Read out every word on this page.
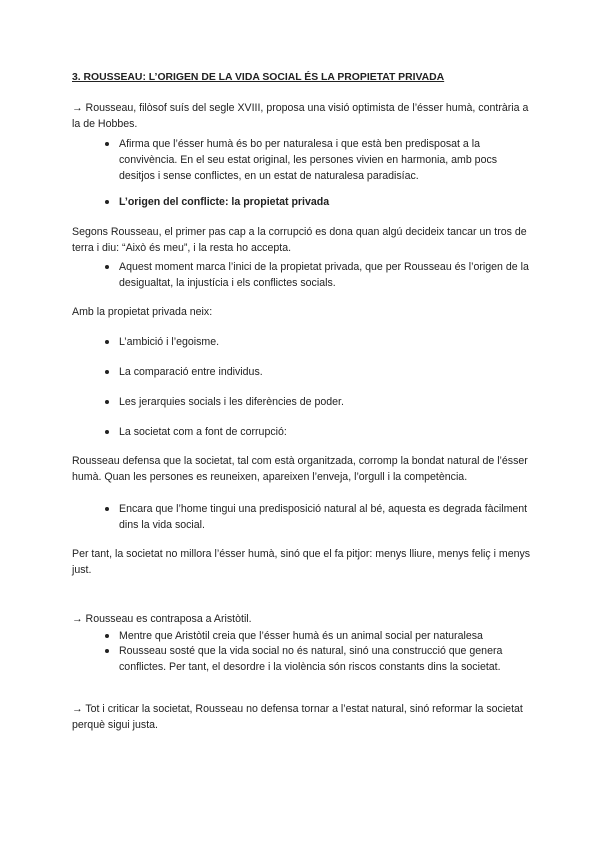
3. ROUSSEAU: L’ORIGEN DE LA VIDA SOCIAL ÉS LA PROPIETAT PRIVADA

→ Rousseau, filòsof suís del segle XVIII, proposa una visió optimista de l’ésser humà, contrària a la de Hobbes.

Afirma que l’ésser humà és bo per naturalesa i que està ben predisposat a la convivència. En el seu estat original, les persones vivien en harmonia, amb pocs desitjos i sense conflictes, en un estat de naturalesa paradisíac.

L’origen del conflicte: la propietat privada

Segons Rousseau, el primer pas cap a la corrupció es dona quan algú decideix tancar un tros de terra i diu: “Això és meu”, i la resta ho accepta.

Aquest moment marca l’inici de la propietat privada, que per Rousseau és l’origen de la desigualtat, la injustícia i els conflictes socials.

Amb la propietat privada neix:

L’ambició i l’egoisme.

La comparació entre individus.

Les jerarquies socials i les diferències de poder.

La societat com a font de corrupció:

Rousseau defensa que la societat, tal com està organitzada, corromp la bondat natural de l’ésser humà. Quan les persones es reuneixen, apareixen l’enveja, l’orgull i la competència.

Encara que l’home tingui una predisposició natural al bé, aquesta es degrada fàcilment dins la vida social.

Per tant, la societat no millora l’ésser humà, sinó que el fa pitjor: menys lliure, menys feliç i menys just.

→ Rousseau es contraposa a Aristòtil.

Mentre que Aristòtil creia que l’ésser humà és un animal social per naturalesa

Rousseau sosté que la vida social no és natural, sinó una construcció que genera conflictes. Per tant, el desordre i la violència són riscos constants dins la societat.

→ Tot i criticar la societat, Rousseau no defensa tornar a l’estat natural, sinó reformar la societat perquè sigui justa.
